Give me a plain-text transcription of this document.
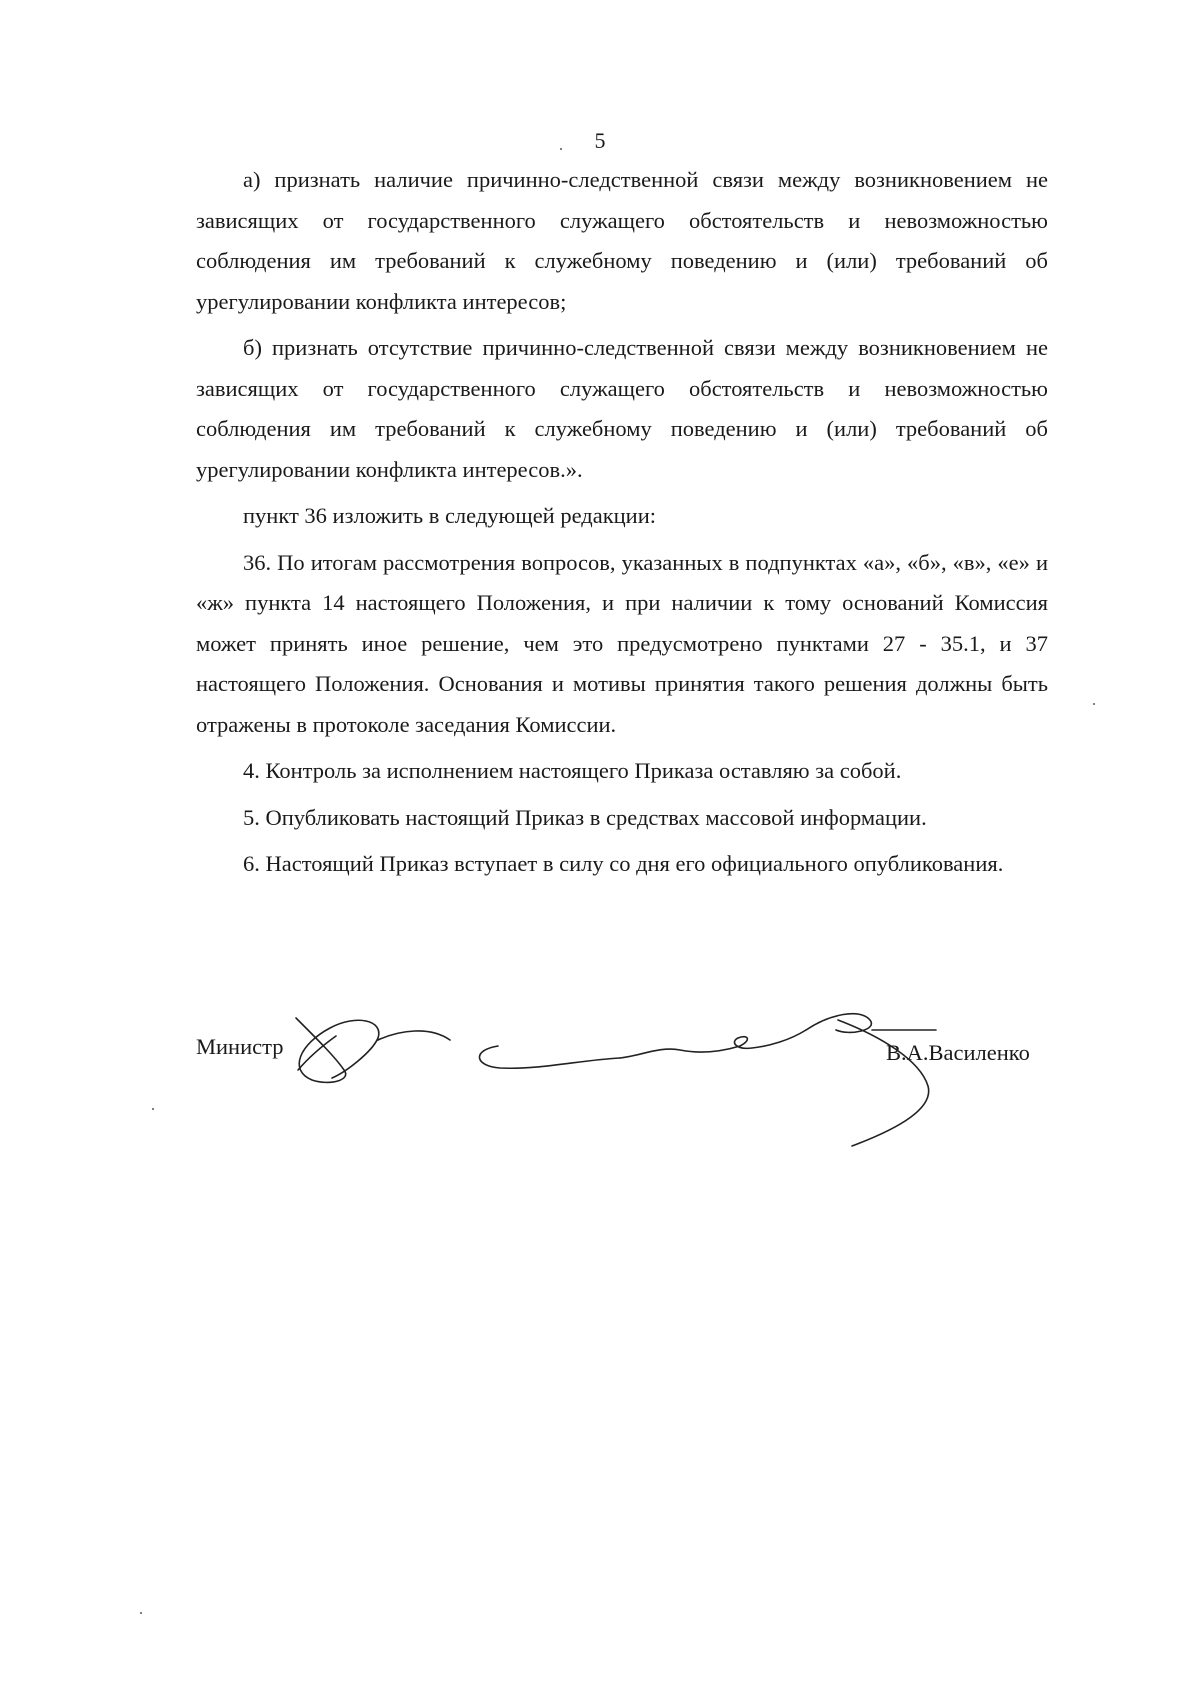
5

а) признать наличие причинно-следственной связи между возникновением не зависящих от государственного служащего обстоятельств и невозможностью соблюдения им требований к служебному поведению и (или) требований об урегулировании конфликта интересов;

б) признать отсутствие причинно-следственной связи между возникновением не зависящих от государственного служащего обстоятельств и невозможностью соблюдения им требований к служебному поведению и (или) требований об урегулировании конфликта интересов.».

пункт 36 изложить в следующей редакции:

36. По итогам рассмотрения вопросов, указанных в подпунктах «а», «б», «в», «е» и «ж» пункта 14 настоящего Положения, и при наличии к тому оснований Комиссия может принять иное решение, чем это предусмотрено пунктами 27 - 35.1, и 37 настоящего Положения. Основания и мотивы принятия такого решения должны быть отражены в протоколе заседания Комиссии.

4. Контроль за исполнением настоящего Приказа оставляю за собой.

5. Опубликовать настоящий Приказ в средствах массовой информации.

6. Настоящий Приказ вступает в силу со дня его официального опубликования.

Министр	В.А.Василенко
